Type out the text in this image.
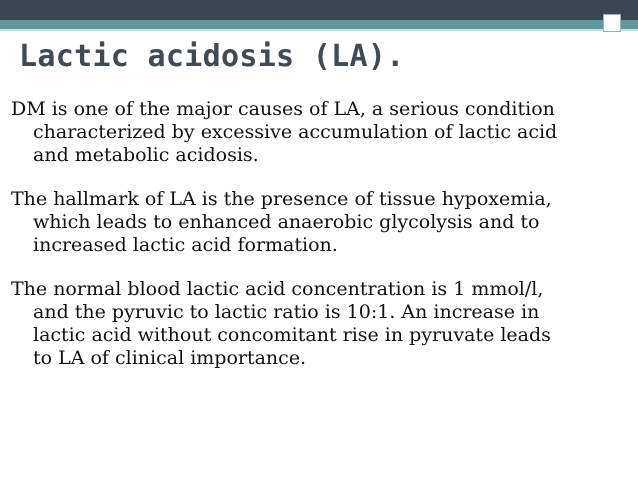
Lactic acidosis (LA).

DM is one of the major causes of LA, a serious condition
characterized by excessive accumulation of lactic acid
and metabolic acidosis.

The hallmark of LA is the presence of tissue hypoxemia,
which leads to enhanced anaerobic glycolysis and to
increased lactic acid formation.

The normal blood lactic acid concentration is 1 mmol/l,
and the pyruvic to lactic ratio is 10:1. An increase in
lactic acid without concomitant rise in pyruvate leads
to LA of clinical importance.
